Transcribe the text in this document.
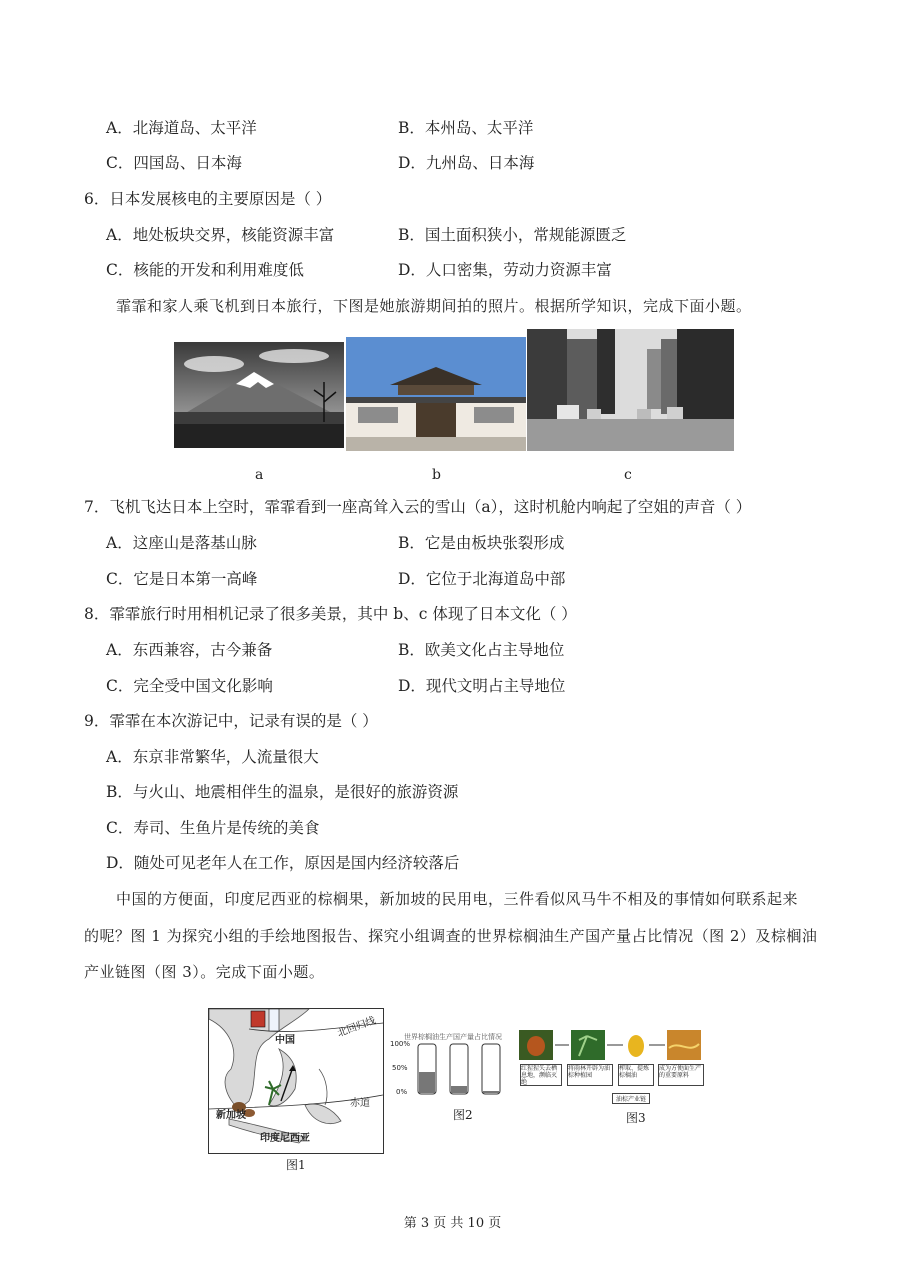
A．北海道岛、太平洋	B．本州岛、太平洋
C．四国岛、日本海	D．九州岛、日本海
6．日本发展核电的主要原因是（ ）
A．地处板块交界，核能资源丰富	B．国土面积狭小，常规能源匮乏
C．核能的开发和利用难度低	D．人口密集，劳动力资源丰富
霏霏和家人乘飞机到日本旅行，下图是她旅游期间拍的照片。根据所学知识，完成下面小题。
a	b	c
7．飞机飞达日本上空时，霏霏看到一座高耸入云的雪山（a），这时机舱内响起了空姐的声音（ ）
A．这座山是落基山脉	B．它是由板块张裂形成
C．它是日本第一高峰	D．它位于北海道岛中部
8．霏霏旅行时用相机记录了很多美景，其中 b、c 体现了日本文化（ ）
A．东西兼容，古今兼备	B．欧美文化占主导地位
C．完全受中国文化影响	D．现代文明占主导地位
9．霏霏在本次游记中，记录有误的是（ ）
A．东京非常繁华，人流量很大
B．与火山、地震相伴生的温泉，是很好的旅游资源
C．寿司、生鱼片是传统的美食
D．随处可见老年人在工作，原因是国内经济较落后
中国的方便面，印度尼西亚的棕榈果，新加坡的民用电，三件看似风马牛不相及的事情如何联系起来
的呢？图 1 为探究小组的手绘地图报告、探究小组调查的世界棕榈油生产国产量占比情况（图 2）及棕榈油
产业链图（图 3）。完成下面小题。
中国
新加坡
印度尼西亚
北回归线
赤道
图1
世界棕榈油生产国产量占比情况
100%
50%
0%
图2
红猩猩失去栖息地，濒临灭绝
将雨林开辟为油棕种植园
榨取、提炼棕榈油
成为方便面生产的重要原料
油棕产业链
图3
第 3 页 共 10 页
